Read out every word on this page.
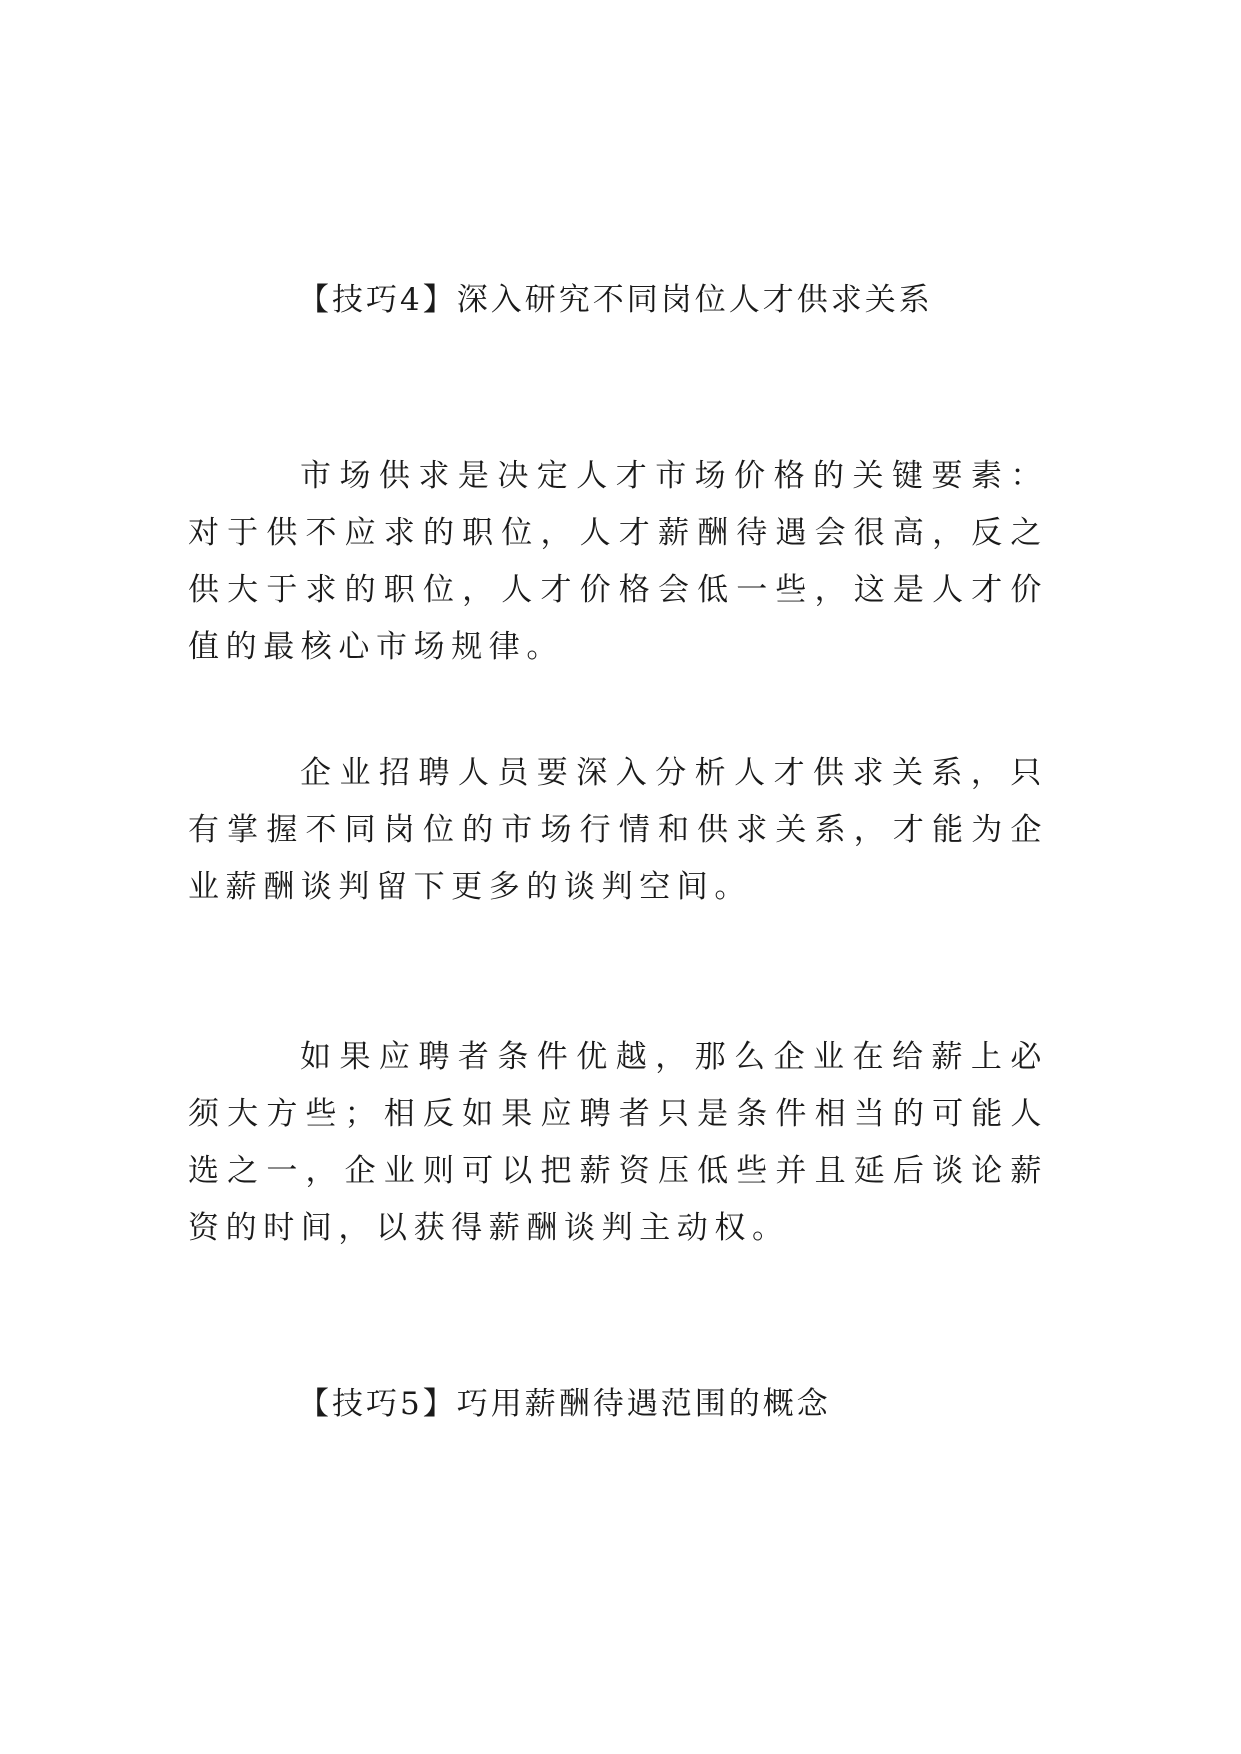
【技巧4】深入研究不同岗位人才供求关系

市场供求是决定人才市场价格的关键要素：对于供不应求的职位，人才薪酬待遇会很高，反之供大于求的职位，人才价格会低一些，这是人才价值的最核心市场规律。

企业招聘人员要深入分析人才供求关系，只有掌握不同岗位的市场行情和供求关系，才能为企业薪酬谈判留下更多的谈判空间。

如果应聘者条件优越，那么企业在给薪上必须大方些；相反如果应聘者只是条件相当的可能人选之一，企业则可以把薪资压低些并且延后谈论薪资的时间，以获得薪酬谈判主动权。

【技巧5】巧用薪酬待遇范围的概念
